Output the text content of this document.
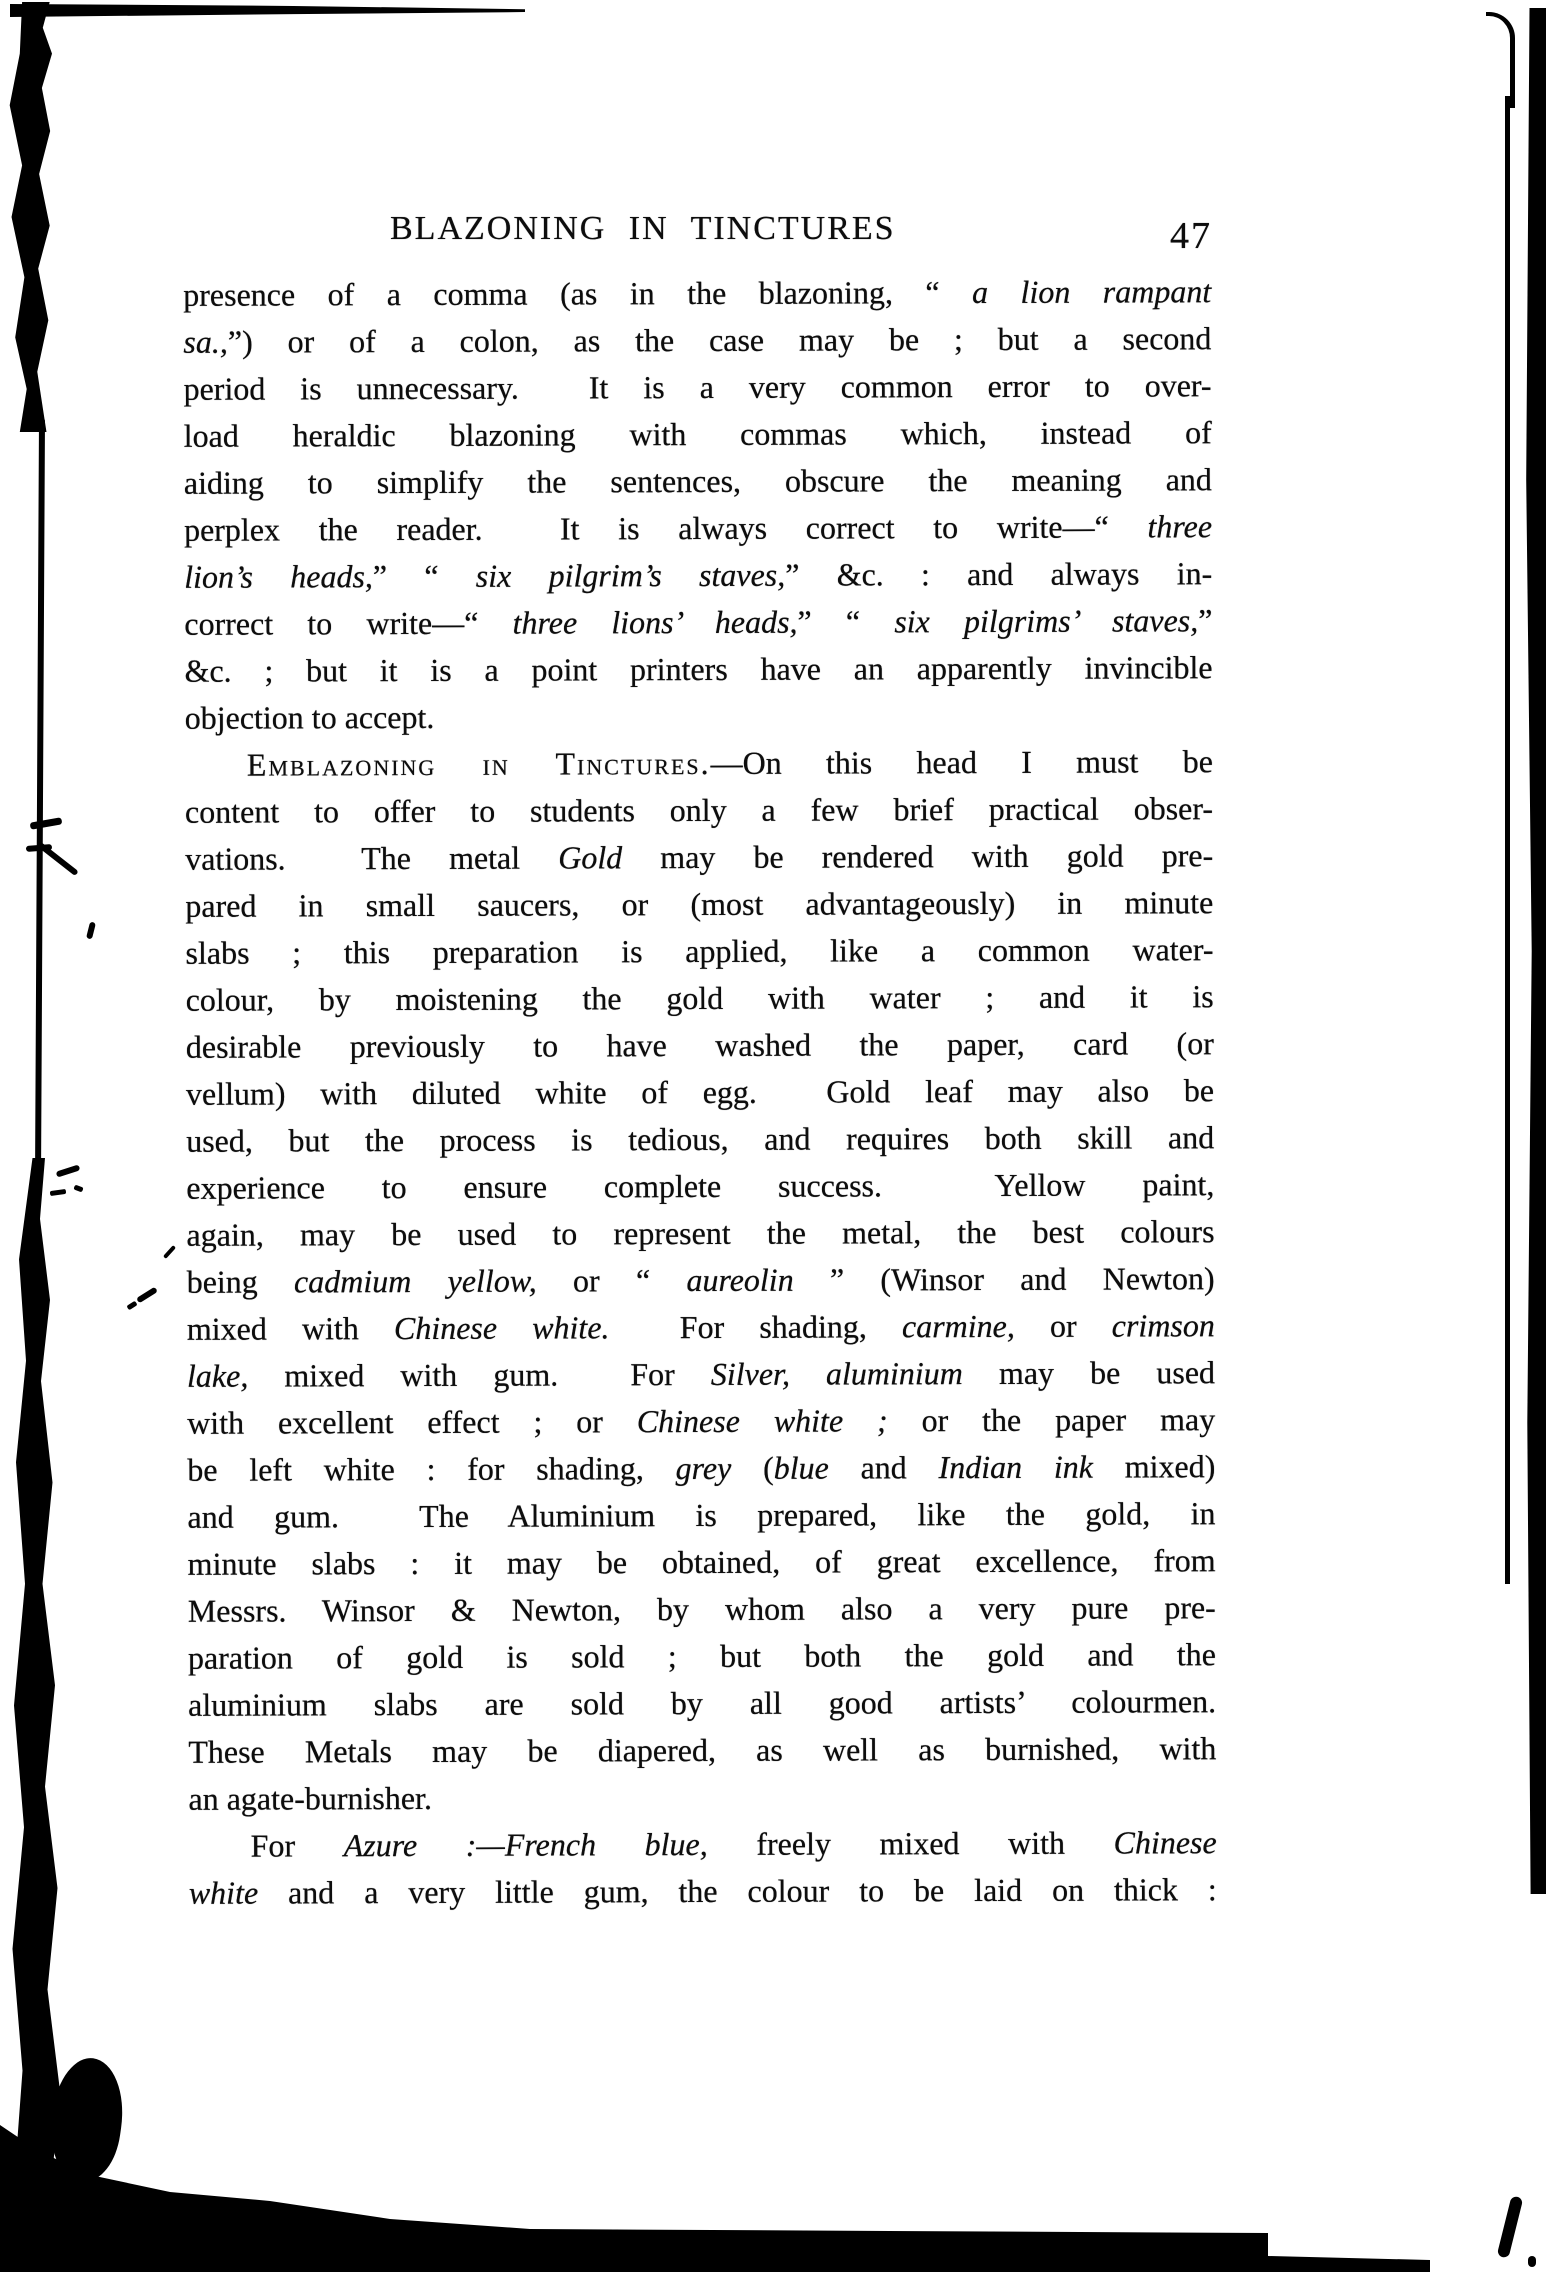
BLAZONING IN TINCTURES	47
presence of a comma (as in the blazoning, “ a lion rampant
sa.,”) or of a colon, as the case may be ; but a second
period is unnecessary.  It is a very common error to over-
load heraldic blazoning with commas which, instead of
aiding to simplify the sentences, obscure the meaning and
perplex the reader.  It is always correct to write—“ three
lion’s heads,” “ six pilgrim’s staves,” &c. : and always in-
correct to write—“ three lions’ heads,” “ six pilgrims’ staves,”
&c. ; but it is a point printers have an apparently invincible
objection to accept.
Emblazoning in Tinctures.—On this head I must be
content to offer to students only a few brief practical obser-
vations.  The metal Gold may be rendered with gold pre-
pared in small saucers, or (most advantageously) in minute
slabs ; this preparation is applied, like a common water-
colour, by moistening the gold with water ; and it is
desirable previously to have washed the paper, card (or
vellum) with diluted white of egg.  Gold leaf may also be
used, but the process is tedious, and requires both skill and
experience to ensure complete success.  Yellow paint,
again, may be used to represent the metal, the best colours
being cadmium yellow, or “ aureolin ” (Winsor and Newton)
mixed with Chinese white.  For shading, carmine, or crimson
lake, mixed with gum.  For Silver, aluminium may be used
with excellent effect ; or Chinese white ; or the paper may
be left white : for shading, grey (blue and Indian ink mixed)
and gum.  The Aluminium is prepared, like the gold, in
minute slabs : it may be obtained, of great excellence, from
Messrs. Winsor & Newton, by whom also a very pure pre-
paration of gold is sold ; but both the gold and the
aluminium slabs are sold by all good artists’ colourmen.
These Metals may be diapered, as well as burnished, with
an agate-burnisher.
For Azure :—French blue, freely mixed with Chinese
white and a very little gum, the colour to be laid on thick :
